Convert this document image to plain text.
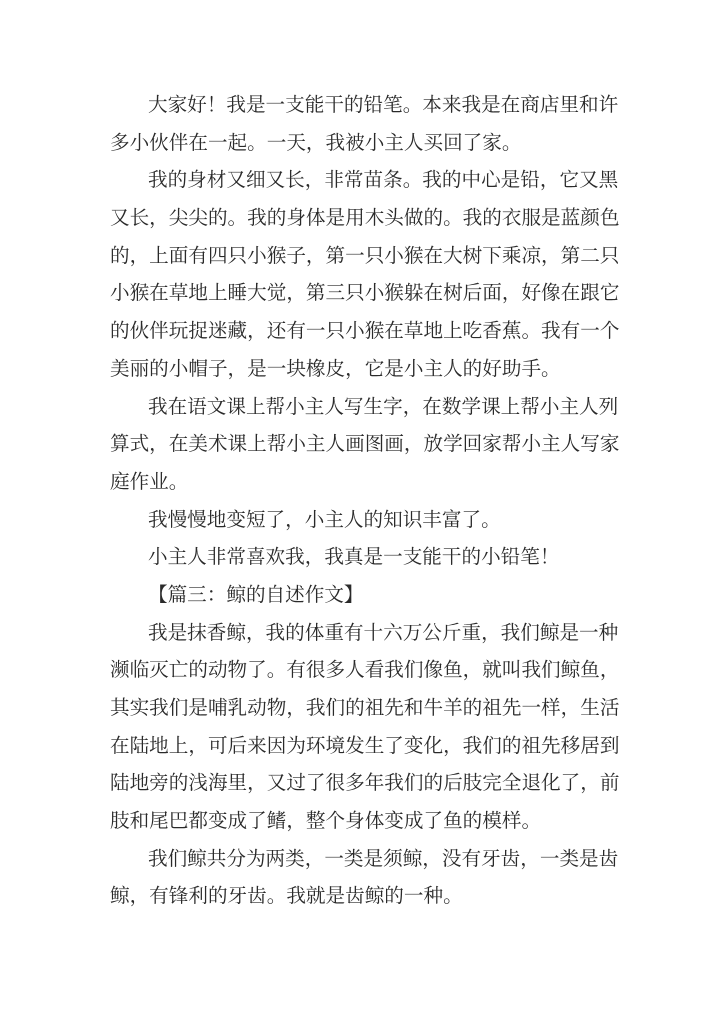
大家好！我是一支能干的铅笔。本来我是在商店里和许
多小伙伴在一起。一天，我被小主人买回了家。
我的身材又细又长，非常苗条。我的中心是铅，它又黑
又长，尖尖的。我的身体是用木头做的。我的衣服是蓝颜色
的，上面有四只小猴子，第一只小猴在大树下乘凉，第二只
小猴在草地上睡大觉，第三只小猴躲在树后面，好像在跟它
的伙伴玩捉迷藏，还有一只小猴在草地上吃香蕉。我有一个
美丽的小帽子，是一块橡皮，它是小主人的好助手。
我在语文课上帮小主人写生字，在数学课上帮小主人列
算式，在美术课上帮小主人画图画，放学回家帮小主人写家
庭作业。
我慢慢地变短了，小主人的知识丰富了。
小主人非常喜欢我，我真是一支能干的小铅笔！
【篇三：鲸的自述作文】
我是抹香鲸，我的体重有十六万公斤重，我们鲸是一种
濒临灭亡的动物了。有很多人看我们像鱼，就叫我们鲸鱼，
其实我们是哺乳动物，我们的祖先和牛羊的祖先一样，生活
在陆地上，可后来因为环境发生了变化，我们的祖先移居到
陆地旁的浅海里，又过了很多年我们的后肢完全退化了，前
肢和尾巴都变成了鳍，整个身体变成了鱼的模样。
我们鲸共分为两类，一类是须鲸，没有牙齿，一类是齿
鲸，有锋利的牙齿。我就是齿鲸的一种。
